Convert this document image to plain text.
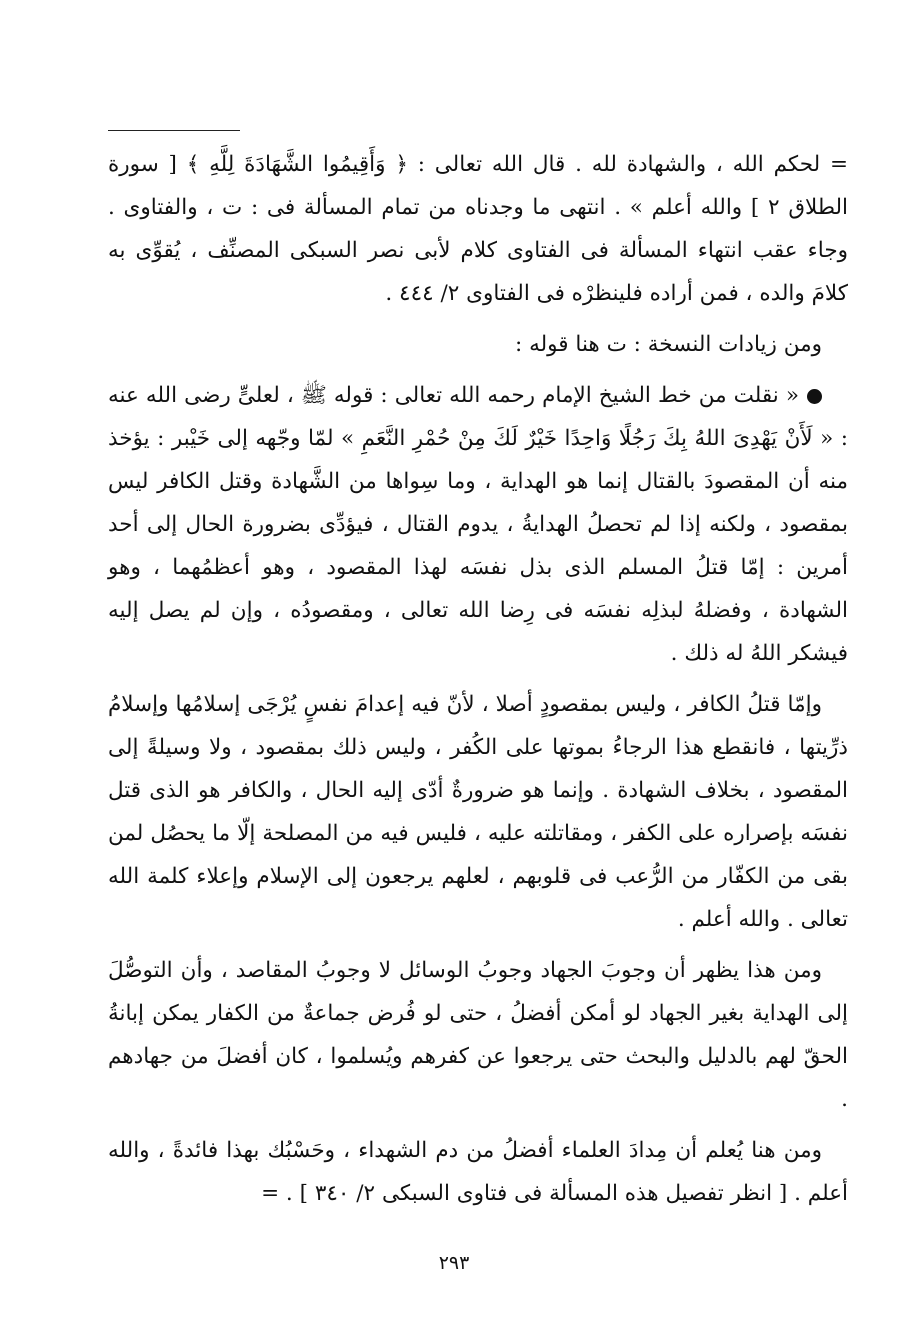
= لحكم الله ، والشهادة لله . قال الله تعالى : ﴿ وَأَقِيمُوا الشَّهَادَةَ لِلَّهِ ﴾ [ سورة الطلاق ٢ ] والله أعلم » . انتهى ما وجدناه من تمام المسألة فى : ت ، والفتاوى . وجاء عقب انتهاء المسألة فى الفتاوى كلام لأبى نصر السبكى المصنِّف ، يُقوِّى به كلامَ والده ، فمن أراده فلينظرْه فى الفتاوى ٢/ ٤٤٤ .

ومن زيادات النسخة : ت هنا قوله :

« نقلت من خط الشيخ الإمام رحمه الله تعالى : قوله ﷺ ، لعلىٍّ رضى الله عنه : « لَأَنْ يَهْدِىَ اللهُ بِكَ رَجُلًا وَاحِدًا خَيْرٌ لَكَ مِنْ حُمْرِ النَّعَمِ » لمّا وجّهه إلى خَيْبر : يؤخذ منه أن المقصودَ بالقتال إنما هو الهداية ، وما سِواها من الشَّهادة وقتل الكافر ليس بمقصود ، ولكنه إذا لم تحصلُ الهدايةُ ، يدوم القتال ، فيؤدِّى بضرورة الحال إلى أحد أمرين : إمّا قتلُ المسلم الذى بذل نفسَه لهذا المقصود ، وهو أعظمُهما ، وهو الشهادة ، وفضلهُ لبذلِه نفسَه فى رِضا الله تعالى ، ومقصودُه ، وإن لم يصل إليه فيشكر اللهُ له ذلك .

وإمّا قتلُ الكافر ، وليس بمقصودٍ أصلا ، لأنّ فيه إعدامَ نفسٍ يُرْجَى إسلامُها وإسلامُ ذرِّيتها ، فانقطع هذا الرجاءُ بموتها على الكُفر ، وليس ذلك بمقصود ، ولا وسيلةً إلى المقصود ، بخلاف الشهادة . وإنما هو ضرورةٌ أدّى إليه الحال ، والكافر هو الذى قتل نفسَه بإصراره على الكفر ، ومقاتلته عليه ، فليس فيه من المصلحة إلّا ما يحصُل لمن بقى من الكفّار من الرُّعب فى قلوبهم ، لعلهم يرجعون إلى الإسلام وإعلاء كلمة الله تعالى . والله أعلم .

ومن هذا يظهر أن وجوبَ الجهاد وجوبُ الوسائل لا وجوبُ المقاصد ، وأن التوصُّلَ إلى الهداية بغير الجهاد لو أمكن أفضلُ ، حتى لو فُرض جماعةٌ من الكفار يمكن إبانةُ الحقّ لهم بالدليل والبحث حتى يرجعوا عن كفرهم ويُسلموا ، كان أفضلَ من جهادهم .

ومن هنا يُعلم أن مِدادَ العلماء أفضلُ من دم الشهداء ، وحَسْبُك بهذا فائدةً ، والله أعلم . [ انظر تفصيل هذه المسألة فى فتاوى السبكى ٢/ ٣٤٠ ] . =

٢٩٣
